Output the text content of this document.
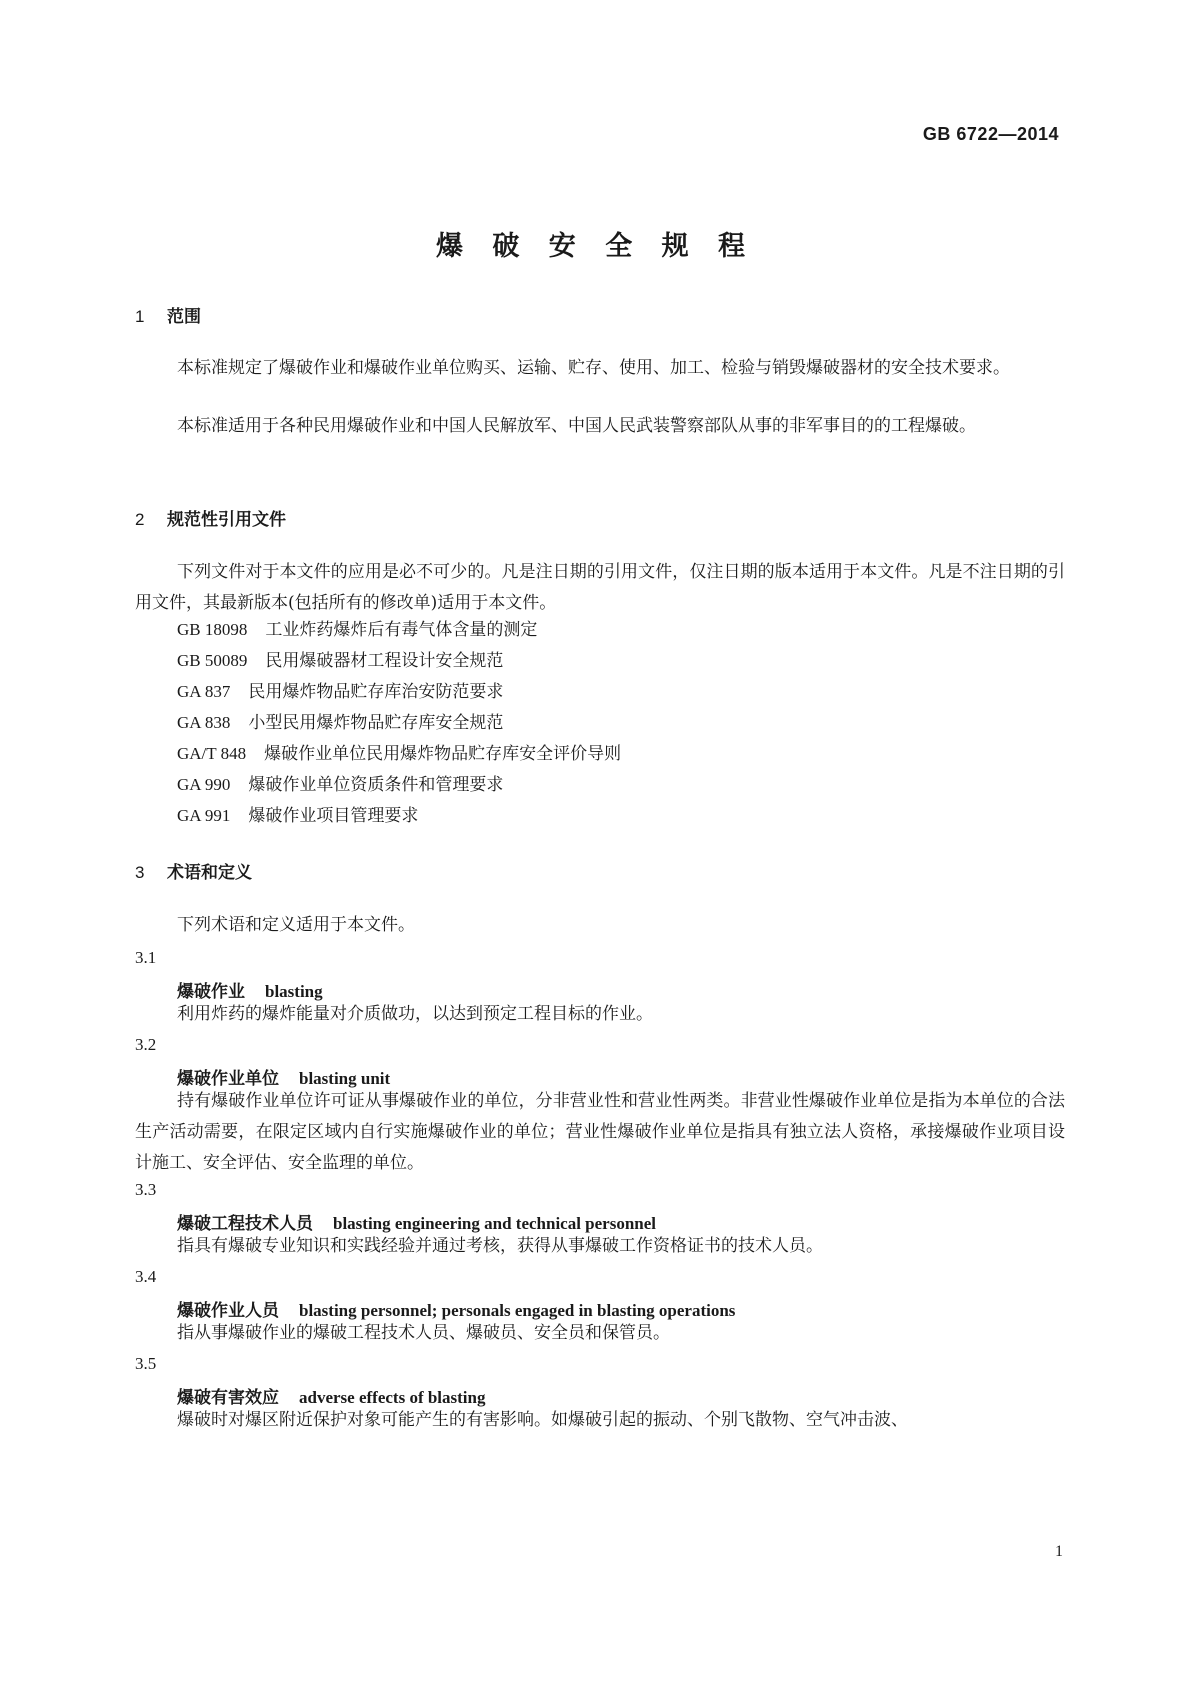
GB 6722—2014
爆 破 安 全 规 程
1 范围
本标准规定了爆破作业和爆破作业单位购买、运输、贮存、使用、加工、检验与销毁爆破器材的安全技术要求。
本标准适用于各种民用爆破作业和中国人民解放军、中国人民武装警察部队从事的非军事目的的工程爆破。
2 规范性引用文件
下列文件对于本文件的应用是必不可少的。凡是注日期的引用文件，仅注日期的版本适用于本文件。凡是不注日期的引用文件，其最新版本(包括所有的修改单)适用于本文件。
GB 18098 工业炸药爆炸后有毒气体含量的测定
GB 50089 民用爆破器材工程设计安全规范
GA 837 民用爆炸物品贮存库治安防范要求
GA 838 小型民用爆炸物品贮存库安全规范
GA/T 848 爆破作业单位民用爆炸物品贮存库安全评价导则
GA 990 爆破作业单位资质条件和管理要求
GA 991 爆破作业项目管理要求
3 术语和定义
下列术语和定义适用于本文件。
3.1
爆破作业 blasting
利用炸药的爆炸能量对介质做功，以达到预定工程目标的作业。
3.2
爆破作业单位 blasting unit
持有爆破作业单位许可证从事爆破作业的单位，分非营业性和营业性两类。非营业性爆破作业单位是指为本单位的合法生产活动需要，在限定区域内自行实施爆破作业的单位；营业性爆破作业单位是指具有独立法人资格，承接爆破作业项目设计施工、安全评估、安全监理的单位。
3.3
爆破工程技术人员 blasting engineering and technical personnel
指具有爆破专业知识和实践经验并通过考核，获得从事爆破工作资格证书的技术人员。
3.4
爆破作业人员 blasting personnel; personals engaged in blasting operations
指从事爆破作业的爆破工程技术人员、爆破员、安全员和保管员。
3.5
爆破有害效应 adverse effects of blasting
爆破时对爆区附近保护对象可能产生的有害影响。如爆破引起的振动、个别飞散物、空气冲击波、
1
